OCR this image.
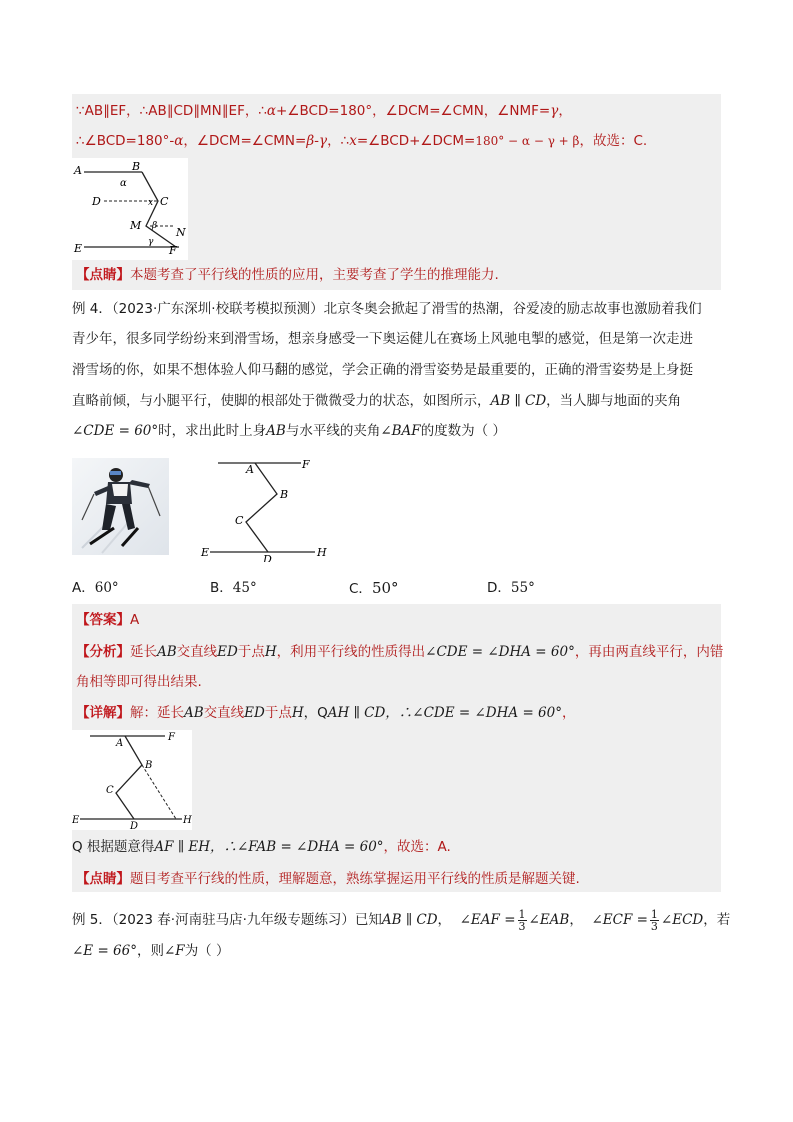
∵AB∥EF，∴AB∥CD∥MN∥EF，∴α+∠BCD=180°，∠DCM=∠CMN，∠NMF=γ，
∴∠BCD=180°-α，∠DCM=∠CMN=β-γ，∴x=∠BCD+∠DCM=180° − α − γ + β，故选：C.
A	B
D	C
M
N
E	F
α
x
β
γ
【点睛】本题考查了平行线的性质的应用，主要考查了学生的推理能力.
例 4．（2023·广东深圳·校联考模拟预测）北京冬奥会掀起了滑雪的热潮，谷爱凌的励志故事也激励着我们
青少年，很多同学纷纷来到滑雪场，想亲身感受一下奥运健儿在赛场上风驰电掣的感觉，但是第一次走进
滑雪场的你，如果不想体验人仰马翻的感觉，学会正确的滑雪姿势是最重要的，正确的滑雪姿势是上身挺
直略前倾，与小腿平行，使脚的根部处于微微受力的状态，如图所示，AB ∥ CD，当人脚与地面的夹角
∠CDE = 60°时，求出此时上身AB与水平线的夹角∠BAF的度数为（ ）
A	F
B
C
E
D
H
A．60°	B．45°	C．50°	D．55°
【答案】A
【分析】延长AB交直线ED于点H，利用平行线的性质得出∠CDE = ∠DHA = 60°，再由两直线平行，内错
角相等即可得出结果.
【详解】解：延长AB交直线ED于点H，QAH ∥ CD，∴∠CDE = ∠DHA = 60°，
A
F
B
C
E
D
H
Q 根据题意得AF ∥ EH，∴∠FAB = ∠DHA = 60°，故选：A.
【点睛】题目考查平行线的性质，理解题意，熟练掌握运用平行线的性质是解题关键.
例 5．（2023 春·河南驻马店·九年级专题练习）已知AB ∥ CD， ∠EAF = $\frac{1}{3}$ ∠EAB， ∠ECF = $\frac{1}{3}$ ∠ECD，若
∠E = 66°，则∠F为（ ）
